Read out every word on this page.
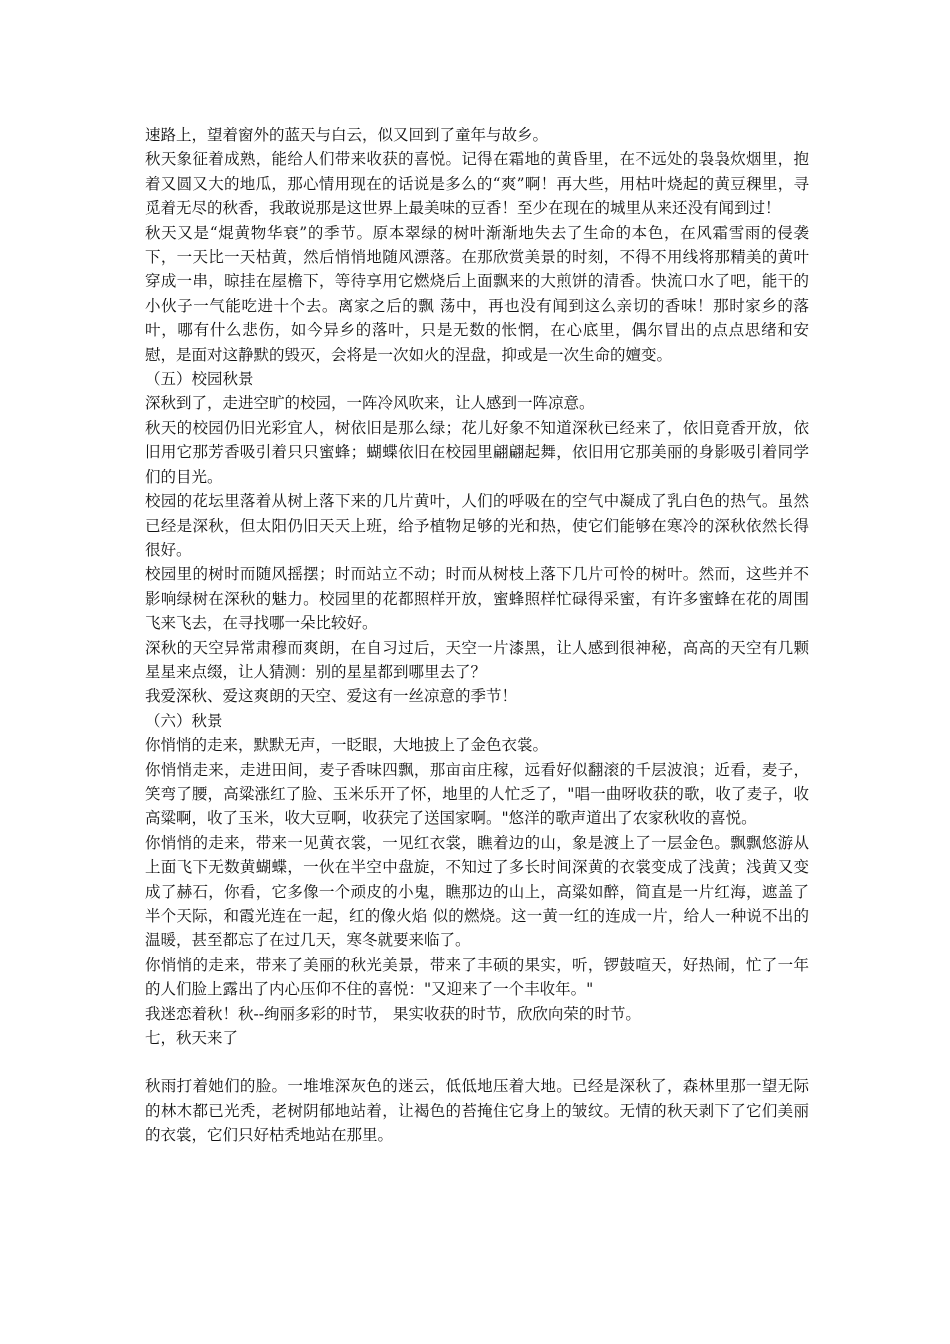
速路上，望着窗外的蓝天与白云，似又回到了童年与故乡。

秋天象征着成熟，能给人们带来收获的喜悦。记得在霜地的黄昏里，在不远处的袅袅炊烟里，抱着又圆又大的地瓜，那心情用现在的话说是多么的“爽”啊！再大些，用枯叶烧起的黄豆稞里，寻觅着无尽的秋香，我敢说那是这世界上最美味的豆香！至少在现在的城里从来还没有闻到过！

秋天又是“焜黄物华衰”的季节。原本翠绿的树叶渐渐地失去了生命的本色，在风霜雪雨的侵袭下，一天比一天枯黄，然后悄悄地随风漂落。在那欣赏美景的时刻，不得不用线将那精美的黄叶穿成一串，晾挂在屋檐下，等待享用它燃烧后上面飘来的大煎饼的清香。快流口水了吧，能干的小伙子一气能吃进十个去。离家之后的飘 荡中，再也没有闻到这么亲切的香味！那时家乡的落叶，哪有什么悲伤，如今异乡的落叶，只是无数的怅惘，在心底里，偶尔冒出的点点思绪和安慰，是面对这静默的毁灭，会将是一次如火的涅盘，抑或是一次生命的嬗变。

（五）校园秋景

深秋到了，走进空旷的校园，一阵冷风吹来，让人感到一阵凉意。

秋天的校园仍旧光彩宜人，树依旧是那么绿；花儿好象不知道深秋已经来了，依旧竟香开放，依旧用它那芳香吸引着只只蜜蜂；蝴蝶依旧在校园里翩翩起舞，依旧用它那美丽的身影吸引着同学们的目光。

校园的花坛里落着从树上落下来的几片黄叶，人们的呼吸在的空气中凝成了乳白色的热气。虽然已经是深秋，但太阳仍旧天天上班，给予植物足够的光和热，使它们能够在寒冷的深秋依然长得很好。

校园里的树时而随风摇摆；时而站立不动；时而从树枝上落下几片可怜的树叶。然而，这些并不影响绿树在深秋的魅力。校园里的花都照样开放，蜜蜂照样忙碌得采蜜，有许多蜜蜂在花的周围飞来飞去，在寻找哪一朵比较好。

深秋的天空异常肃穆而爽朗，在自习过后，天空一片漆黑，让人感到很神秘，高高的天空有几颗星星来点缀，让人猜测：别的星星都到哪里去了？

我爱深秋、爱这爽朗的天空、爱这有一丝凉意的季节！

（六）秋景

你悄悄的走来，默默无声，一眨眼，大地披上了金色衣裳。

你悄悄走来，走进田间，麦子香味四飘，那亩亩庄稼，远看好似翻滚的千层波浪；近看，麦子，笑弯了腰，高粱涨红了脸、玉米乐开了怀，地里的人忙乏了，"唱一曲呀收获的歌，收了麦子，收高粱啊，收了玉米，收大豆啊，收获完了送国家啊。"悠洋的歌声道出了农家秋收的喜悦。

你悄悄的走来，带来一见黄衣裳，一见红衣裳，瞧着边的山，象是渡上了一层金色。飘飘悠游从上面飞下无数黄蝴蝶，一伙在半空中盘旋，不知过了多长时间深黄的衣裳变成了浅黄；浅黄又变成了赫石，你看，它多像一个顽皮的小鬼，瞧那边的山上，高粱如醉，简直是一片红海，遮盖了半个天际，和霞光连在一起，红的像火焰 似的燃烧。这一黄一红的连成一片，给人一种说不出的温暖，甚至都忘了在过几天，寒冬就要来临了。

你悄悄的走来，带来了美丽的秋光美景，带来了丰硕的果实，听，锣鼓喧天，好热闹，忙了一年的人们脸上露出了内心压仰不住的喜悦："又迎来了一个丰收年。"

我迷恋着秋！秋--绚丽多彩的时节， 果实收获的时节，欣欣向荣的时节。

七，秋天来了

秋雨打着她们的脸。一堆堆深灰色的迷云，低低地压着大地。已经是深秋了，森林里那一望无际的林木都已光秃，老树阴郁地站着，让褐色的苔掩住它身上的皱纹。无情的秋天剥下了它们美丽的衣裳，它们只好枯秃地站在那里。
